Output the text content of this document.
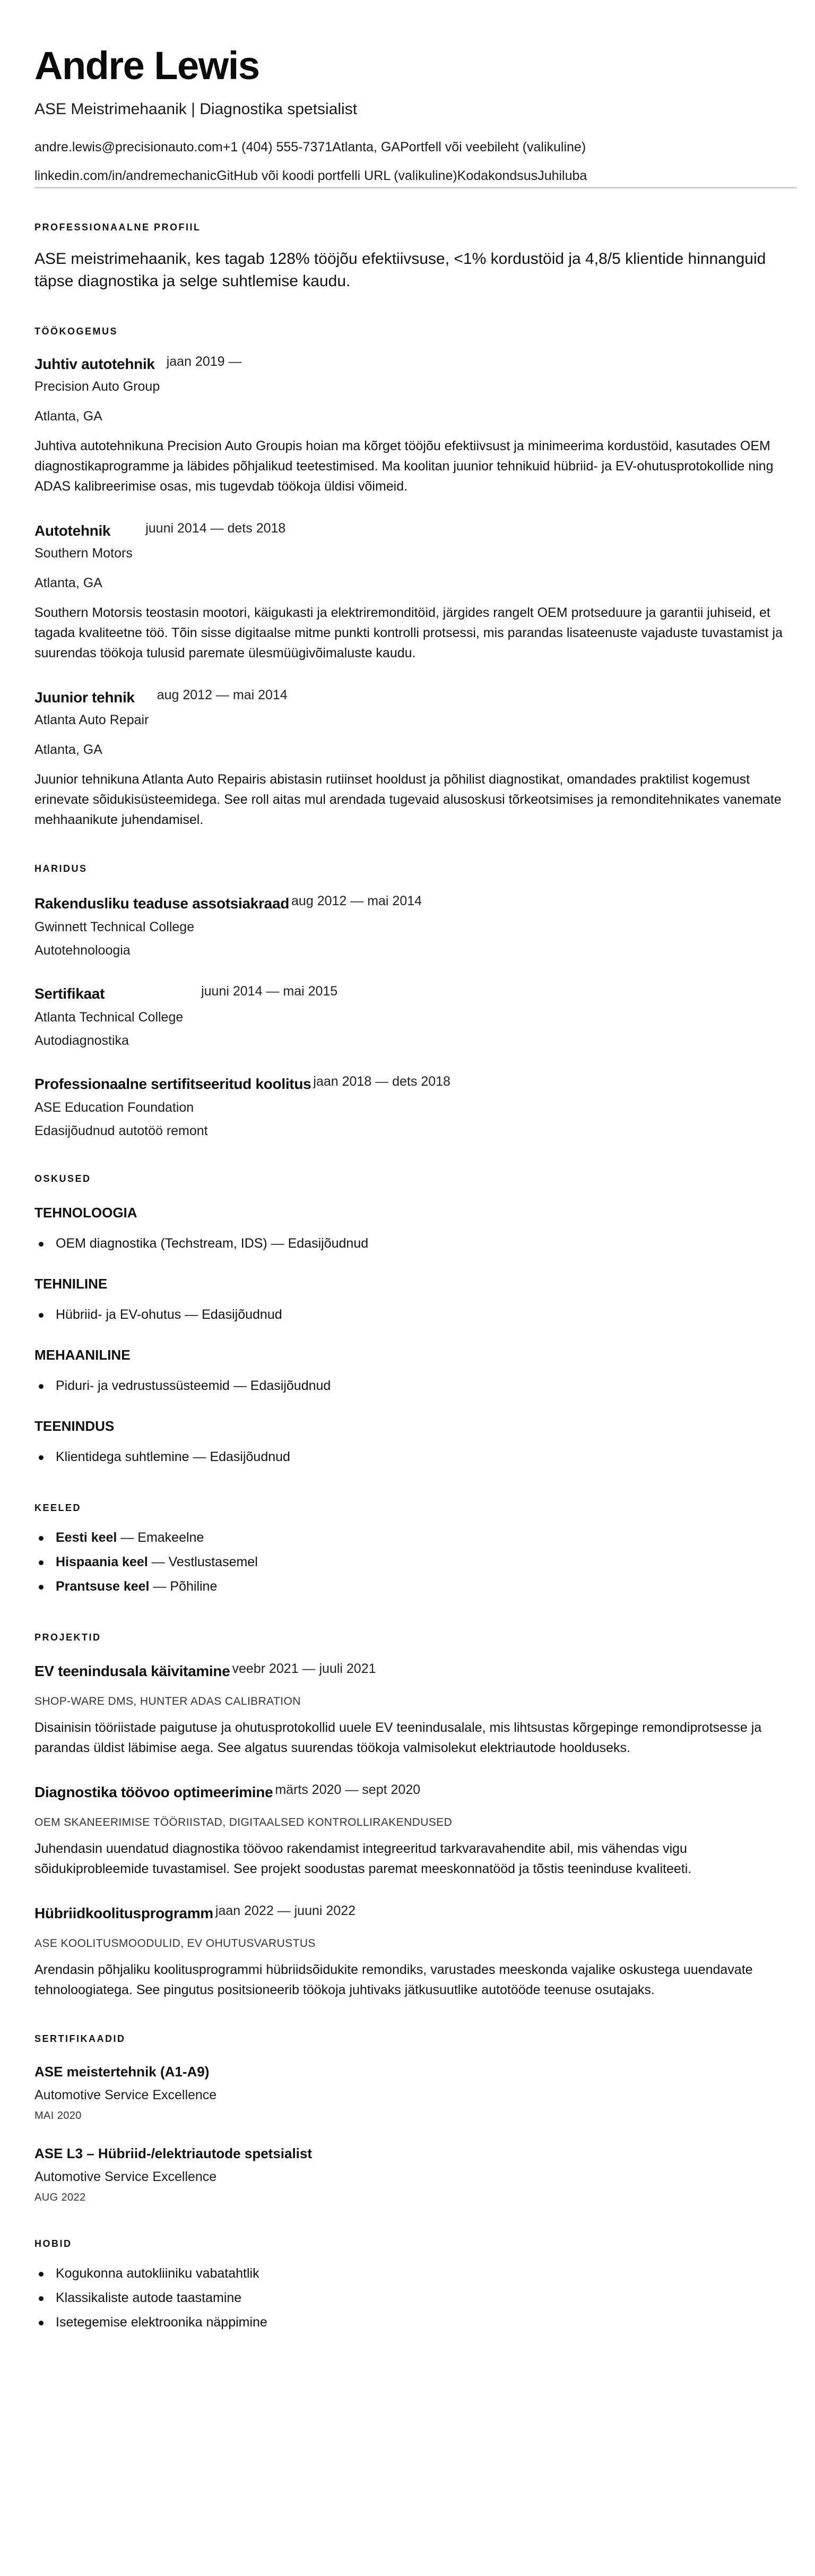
Andre Lewis
ASE Meistrimehaanik | Diagnostika spetsialist
andre.lewis@precisionauto.com+1 (404) 555-7371Atlanta, GAPortfell või veebileht (valikuline)
linkedin.com/in/andremechanicGitHub või koodi portfelli URL (valikuline)KodakondsusJuhiluba
PROFESSIONAALNE PROFIIL

ASE meistrimehaanik, kes tagab 128% tööjõu efektiivsuse, <1% kordustöid ja 4,8/5 klientide hinnanguid täpse diagnostika ja selge suhtlemise kaudu.

TÖÖKOGEMUS
Juhtiv autotehnik jaan 2019 —
Precision Auto Group
Atlanta, GA
Juhtiva autotehnikuna Precision Auto Groupis hoian ma kõrget tööjõu efektiivsust ja minimeerima kordustöid, kasutades OEM diagnostikaprogramme ja läbides põhjalikud teetestimised. Ma koolitan juunior tehnikuid hübriid- ja EV-ohutusprotokollide ning ADAS kalibreerimise osas, mis tugevdab töökoja üldisi võimeid.
Autotehnik	juuni 2014 — dets 2018
Southern Motors
Atlanta, GA
Southern Motorsis teostasin mootori, käigukasti ja elektriremonditöid, järgides rangelt OEM protseduure ja garantii juhiseid, et tagada kvaliteetne töö. Tõin sisse digitaalse mitme punkti kontrolli protsessi, mis parandas lisateenuste vajaduste tuvastamist ja suurendas töökoja tulusid paremate ülesmüügivõimaluste kaudu.
Juunior tehnik aug 2012 — mai 2014
Atlanta Auto Repair
Atlanta, GA
Juunior tehnikuna Atlanta Auto Repairis abistasin rutiinset hooldust ja põhilist diagnostikat, omandades praktilist kogemust erinevate sõidukisüsteemidega. See roll aitas mul arendada tugevaid alusoskusi tõrkeotsimises ja remonditehnikates vanemate mehhaanikute juhendamisel.
HARIDUS
Rakendusliku teaduse assotsiakraad aug 2012 — mai 2014
Gwinnett Technical College
Autotehnoloogia
Sertifikaat	juuni 2014 — mai 2015
Atlanta Technical College
Autodiagnostika
Professionaalne sertifitseeritud koolitus jaan 2018 — dets 2018
ASE Education Foundation
Edasijõudnud autotöö remont
OSKUSED
TEHNOLOOGIA
OEM diagnostika (Techstream, IDS) — Edasijõudnud
TEHNILINE
Hübriid- ja EV-ohutus — Edasijõudnud
MEHAANILINE
Piduri- ja vedrustussüsteemid — Edasijõudnud
TEENINDUS
Klientidega suhtlemine — Edasijõudnud
KEELED
Eesti keel — Emakeelne
Hispaania keel — Vestlustasemel
Prantsuse keel — Põhiline
PROJEKTID
EV teenindusala käivitamine veebr 2021 — juuli 2021
SHOP-WARE DMS, HUNTER ADAS CALIBRATION
Disainisin tööriistade paigutuse ja ohutusprotokollid uuele EV teenindusalale, mis lihtsustas kõrgepinge remondiprotsesse ja parandas üldist läbimise aega. See algatus suurendas töökoja valmisolekut elektriautode hoolduseks.
Diagnostika töövoo optimeerimine märts 2020 — sept 2020
OEM SKANEERIMISE TÖÖRIISTAD, DIGITAALSED KONTROLLIRAKENDUSED
Juhendasin uuendatud diagnostika töövoo rakendamist integreeritud tarkvaravahendite abil, mis vähendas vigu sõidukiprobleemide tuvastamisel. See projekt soodustas paremat meeskonnatööd ja tõstis teeninduse kvaliteeti.
Hübriidkoolitusprogramm jaan 2022 — juuni 2022
ASE KOOLITUSMOODULID, EV OHUTUSVARUSTUS
Arendasin põhjaliku koolitusprogrammi hübriidsõidukite remondiks, varustades meeskonda vajalike oskustega uuendavate tehnoloogiatega. See pingutus positsioneerib töökoja juhtivaks jätkusuutlike autotööde teenuse osutajaks.
SERTIFIKAADID
ASE meistertehnik (A1-A9)
Automotive Service Excellence
MAI 2020
ASE L3 – Hübriid-/elektriautode spetsialist
Automotive Service Excellence
AUG 2022
HOBID
Kogukonna autokliiniku vabatahtlik
Klassikaliste autode taastamine
Isetegemise elektroonika näppimine
